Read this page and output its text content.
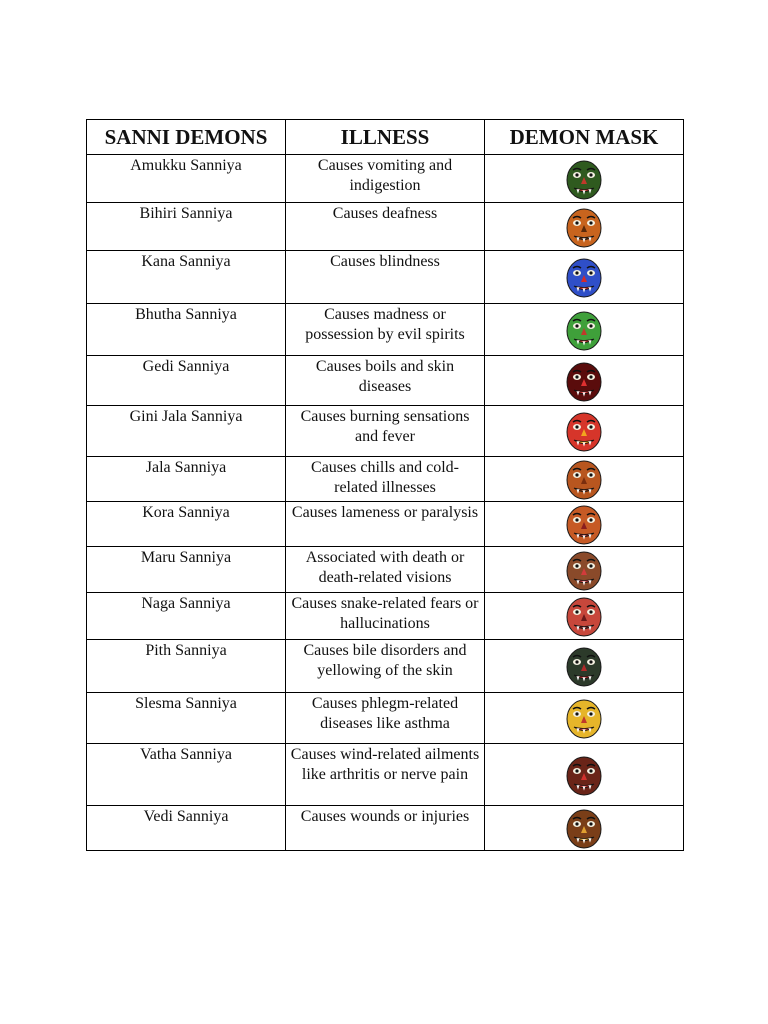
SANNI DEMONS	ILLNESS	DEMON MASK
Amukku Sanniya	Causes vomiting and indigestion	

Bihiri Sanniya	Causes deafness	

Kana Sanniya	Causes blindness	

Bhutha Sanniya	Causes madness or possession by evil spirits	

Gedi Sanniya	Causes boils and skin diseases	

Gini Jala Sanniya	Causes burning sensations and fever	

Jala Sanniya	Causes chills and cold-related illnesses	

Kora Sanniya	Causes lameness or paralysis	

Maru Sanniya	Associated with death or death-related visions	

Naga Sanniya	Causes snake-related fears or hallucinations	

Pith Sanniya	Causes bile disorders and yellowing of the skin	

Slesma Sanniya	Causes phlegm-related diseases like asthma	

Vatha Sanniya	Causes wind-related ailments like arthritis or nerve pain	

Vedi Sanniya	Causes wounds or injuries	
